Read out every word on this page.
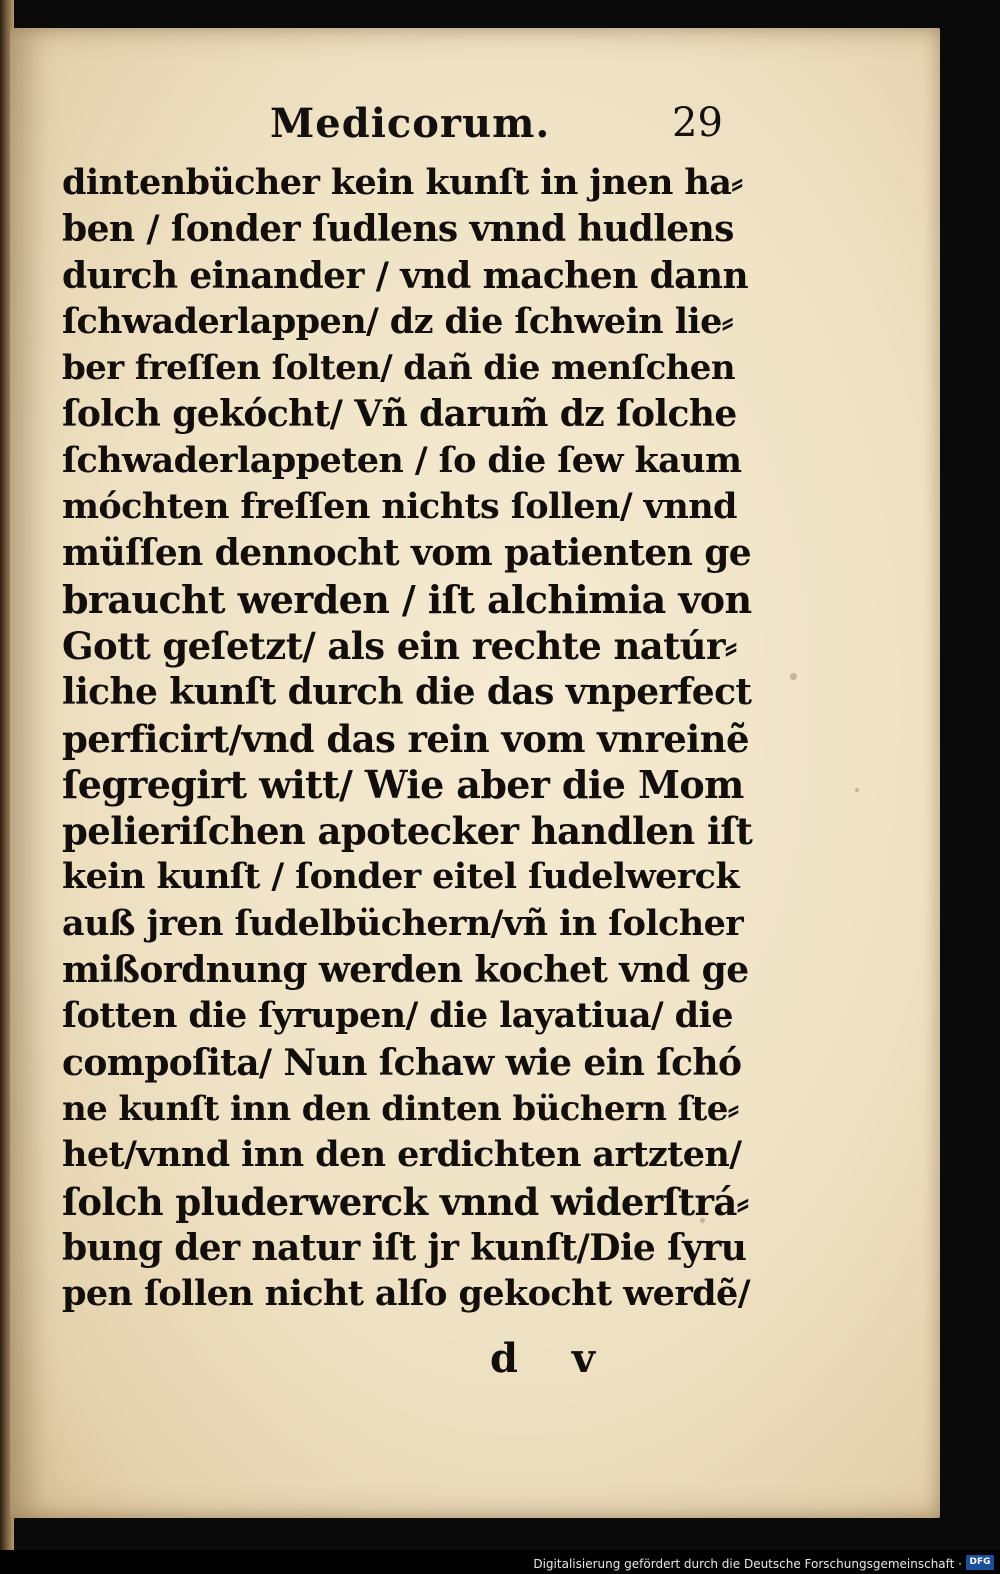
Medicorum.	29
dintenbücher kein kunſt in jnen ha⸗
ben / ſonder ſudlens vnnd hudlens
durch einander / vnd machen dann
ſchwaderlappen/ dz die ſchwein lie⸗
ber freſſen ſolten/ dañ die menſchen
ſolch gekócht/ Vñ darum̃ dz ſolche
ſchwaderlappeten / ſo die ſew kaum
móchten freſſen nichts ſollen/ vnnd
müſſen dennocht vom patienten ge
braucht werden / iſt alchimia von
Gott geſetzt/ als ein rechte natúr⸗
liche kunſt durch die das vnperfect
perficirt/vnd das rein vom vnreinẽ
ſegregirt witt/ Wie aber die Mom
pelieriſchen apotecker handlen iſt
kein kunſt / ſonder eitel ſudelwerck
auß jren ſudelbüchern/vñ in ſolcher
mißordnung werden kochet vnd ge
ſotten die ſyrupen/ die layatiua/ die
compoſita/ Nun ſchaw wie ein ſchó
ne kunſt inn den dinten büchern ſte⸗
het/vnnd inn den erdichten artzten/
ſolch pluderwerck vnnd widerſtrá⸗
bung der natur iſt jr kunſt/Die ſyru
pen ſollen nicht alſo gekocht werdẽ/
d v
Digitalisierung gefördert durch die Deutsche Forschungsgemeinschaft · DFG
